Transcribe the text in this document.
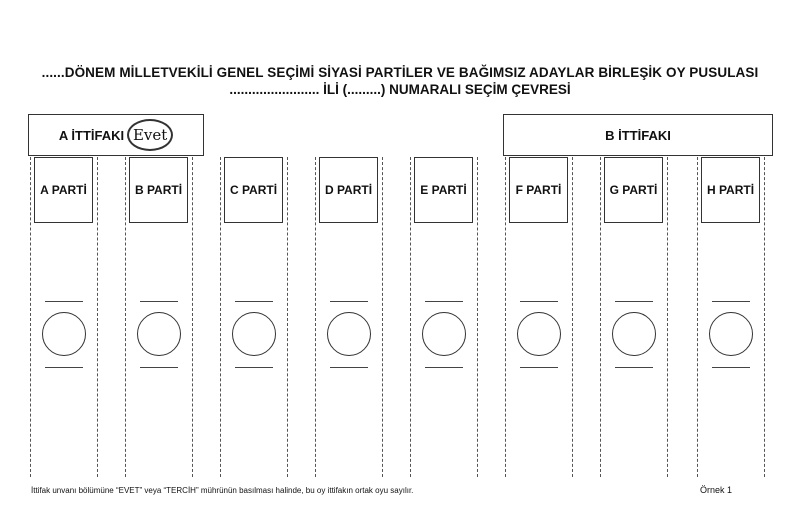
......DÖNEM MİLLETVEKİLİ GENEL SEÇİMİ SİYASİ PARTİLER VE BAĞIMSIZ ADAYLAR BİRLEŞİK OY PUSULASI
........................ İLİ (.........) NUMARALI SEÇİM ÇEVRESİ
A İTTİFAKI Evet	B İTTİFAKI
A PARTİ	B PARTİ	C PARTİ	D PARTİ	E PARTİ	F PARTİ	G PARTİ	H PARTİ
İttifak unvanı bölümüne “EVET” veya “TERCİH” mührünün basılması halinde, bu oy ittifakın ortak oyu sayılır.	Örnek 1
